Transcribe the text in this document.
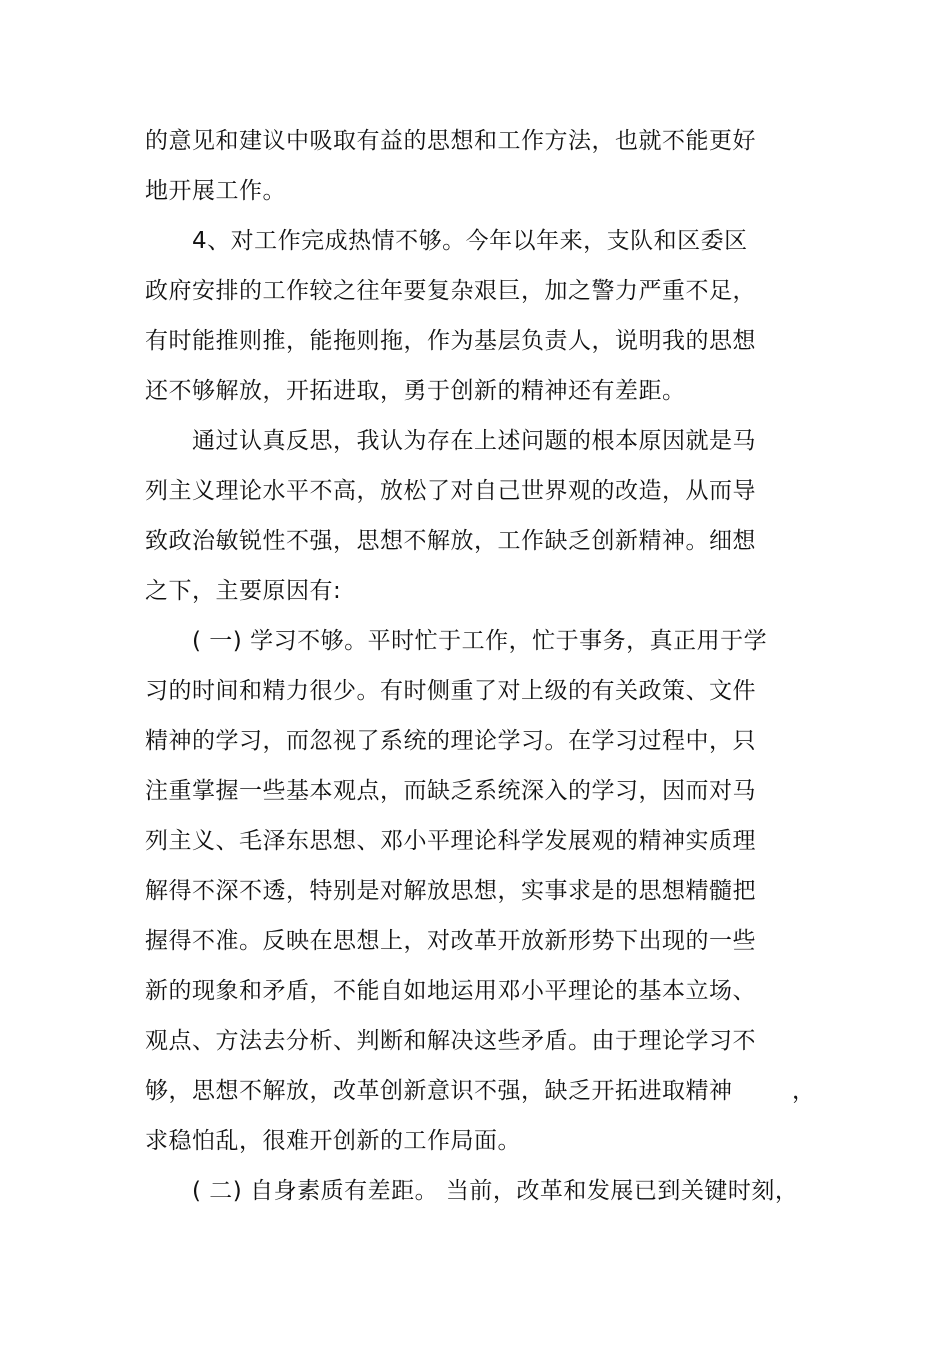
的意见和建议中吸取有益的思想和工作方法，也就不能更好
地开展工作。
4、对工作完成热情不够。今年以年来，支队和区委区
政府安排的工作较之往年要复杂艰巨，加之警力严重不足，
有时能推则推，能拖则拖，作为基层负责人，说明我的思想
还不够解放，开拓进取，勇于创新的精神还有差距。
通过认真反思，我认为存在上述问题的根本原因就是马
列主义理论水平不高，放松了对自己世界观的改造，从而导
致政治敏锐性不强，思想不解放，工作缺乏创新精神。细想
之下，主要原因有:
( 一) 学习不够。平时忙于工作，忙于事务，真正用于学
习的时间和精力很少。有时侧重了对上级的有关政策、文件
精神的学习，而忽视了系统的理论学习。在学习过程中，只
注重掌握一些基本观点，而缺乏系统深入的学习，因而对马
列主义、毛泽东思想、邓小平理论科学发展观的精神实质理
解得不深不透，特别是对解放思想，实事求是的思想精髓把
握得不准。反映在思想上，对改革开放新形势下出现的一些
新的现象和矛盾，不能自如地运用邓小平理论的基本立场、
观点、方法去分析、判断和解决这些矛盾。由于理论学习不
够，思想不解放，改革创新意识不强，缺乏开拓进取精神	，
求稳怕乱，很难开创新的工作局面。
( 二) 自身素质有差距。 当前，改革和发展已到关键时刻，
